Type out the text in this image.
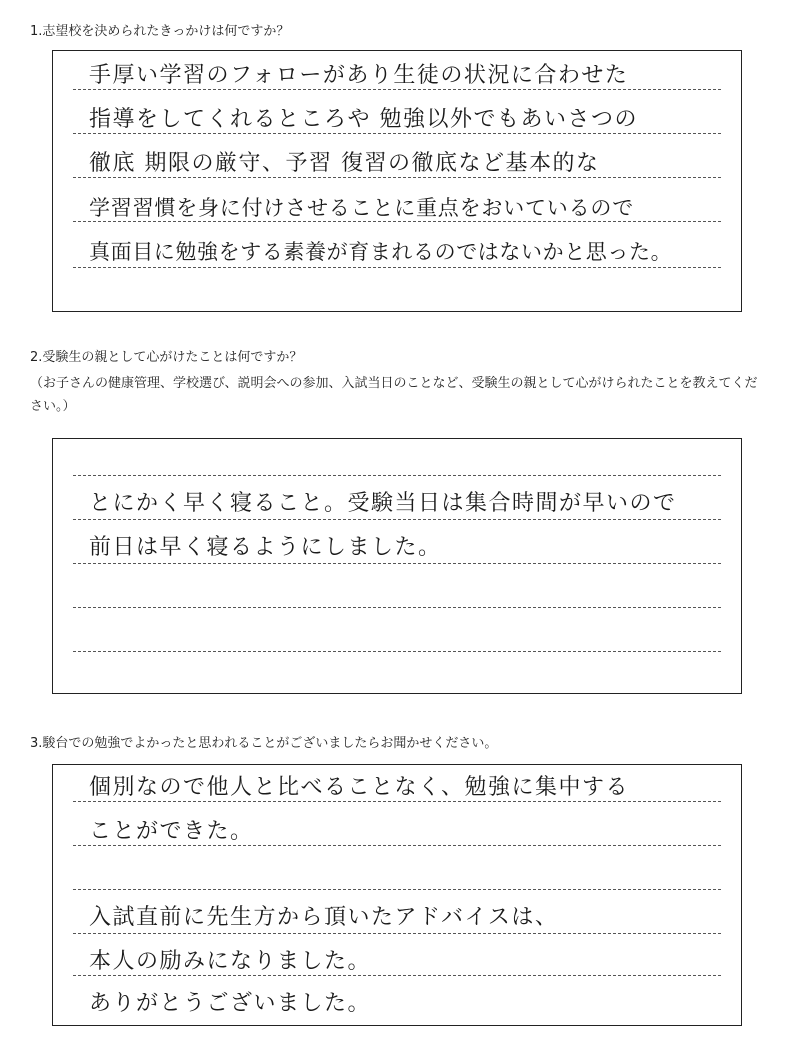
1.志望校を決められたきっかけは何ですか？

手厚い学習のフォローがあり生徒の状況に合わせた
指導をしてくれるところや 勉強以外でもあいさつの
徹底 期限の厳守、予習 復習の徹底など基本的な
学習習慣を身に付けさせることに重点をおいているので
真面目に勉強をする素養が育まれるのではないかと思った。

2.受験生の親として心がけたことは何ですか？

（お子さんの健康管理、学校選び、説明会への参加、入試当日のことなど、受験生の親として心がけられたことを教えてください。）

とにかく早く寝ること。受験当日は集合時間が早いので
前日は早く寝るようにしました。

3.駿台での勉強でよかったと思われることがございましたらお聞かせください。

個別なので他人と比べることなく、勉強に集中する
ことができた。
入試直前に先生方から頂いたアドバイスは、
本人の励みになりました。
ありがとうございました。
